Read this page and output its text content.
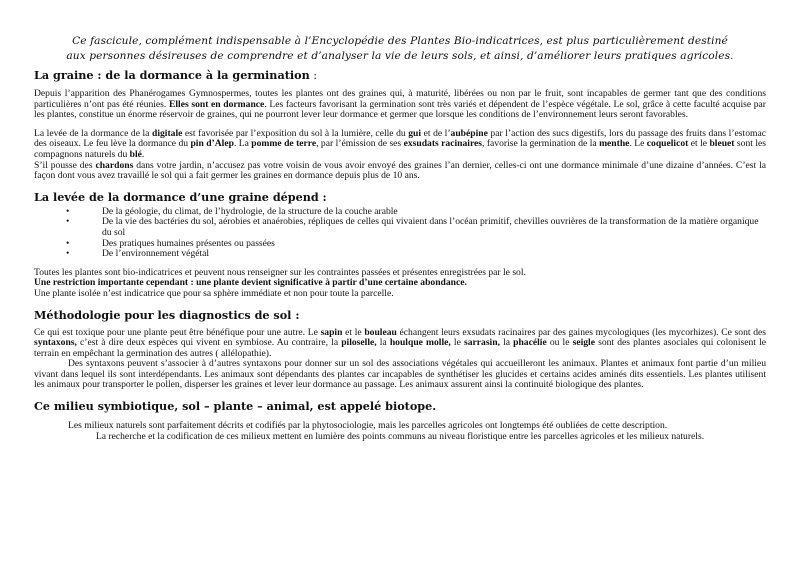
Ce fascicule, complément indispensable à l’Encyclopédie des Plantes Bio-indicatrices, est plus particulièrement destiné
aux personnes désireuses de comprendre et d’analyser la vie de leurs sols, et ainsi, d’améliorer leurs pratiques agricoles.
La graine : de la dormance à la germination :

Depuis l’apparition des Phanérogames Gymnospermes, toutes les plantes ont des graines qui, à maturité, libérées ou non par le fruit, sont incapables de germer tant que des conditions particulières n’ont pas été réunies. Elles sont en dormance. Les facteurs favorisant la germination sont très variés et dépendent de l’espèce végétale. Le sol, grâce à cette faculté acquise par les plantes, constitue un énorme réservoir de graines, qui ne pourront lever leur dormance et germer que lorsque les conditions de l’environnement leurs seront favorables.

La levée de la dormance de la digitale est favorisée par l’exposition du sol à la lumière, celle du gui et de l’aubépine par l’action des sucs digestifs, lors du passage des fruits dans l’estomac des oiseaux. Le feu lève la dormance du pin d’Alep. La pomme de terre, par l’émission de ses exsudats racinaires, favorise la germination de la menthe. Le coquelicot et le bleuet sont les compagnons naturels du blé.

S’il pousse des chardons dans votre jardin, n’accusez pas votre voisin de vous avoir envoyé des graines l’an dernier, celles-ci ont une dormance minimale d’une dizaine d’années. C’est la façon dont vous avez travaillé le sol qui a fait germer les graines en dormance depuis plus de 10 ans.

La levée de la dormance d’une graine dépend :
• De la géologie, du climat, de l’hydrologie, de la structure de la couche arable
• De la vie des bactéries du sol, aérobies et anaérobies, répliques de celles qui vivaient dans l’océan primitif, chevilles ouvrières de la transformation de la matière organique du sol
• Des pratiques humaines présentes ou passées
• De l’environnement végétal

Toutes les plantes sont bio-indicatrices et peuvent nous renseigner sur les contraintes passées et présentes enregistrées par le sol.

Une restriction importante cependant : une plante devient significative à partir d’une certaine abondance.

Une plante isolée n’est indicatrice que pour sa sphère immédiate et non pour toute la parcelle.

Méthodologie pour les diagnostics de sol :

Ce qui est toxique pour une plante peut être bénéfique pour une autre. Le sapin et le bouleau échangent leurs exsudats racinaires par des gaines mycologiques (les mycorhizes). Ce sont des syntaxons, c’est à dire deux espèces qui vivent en symbiose. Au contraire, la piloselle, la houlque molle, le sarrasin, la phacélie ou le seigle sont des plantes asociales qui colonisent le terrain en empêchant la germination des autres ( allélopathie).

Des syntaxons peuvent s’associer à d’autres syntaxons pour donner sur un sol des associations végétales qui accueilleront les animaux. Plantes et animaux font partie d’un milieu vivant dans lequel ils sont interdépendants. Les animaux sont dépendants des plantes car incapables de synthétiser les glucides et certains acides aminés dits essentiels. Les plantes utilisent les animaux pour transporter le pollen, disperser les graines et lever leur dormance au passage. Les animaux assurent ainsi la continuité biologique des plantes.

Ce milieu symbiotique, sol – plante – animal, est appelé biotope.

Les milieux naturels sont parfaitement décrits et codifiés par la phytosociologie, mais les parcelles agricoles ont longtemps été oubliées de cette description.

La recherche et la codification de ces milieux mettent en lumière des points communs au niveau floristique entre les parcelles agricoles et les milieux naturels.
